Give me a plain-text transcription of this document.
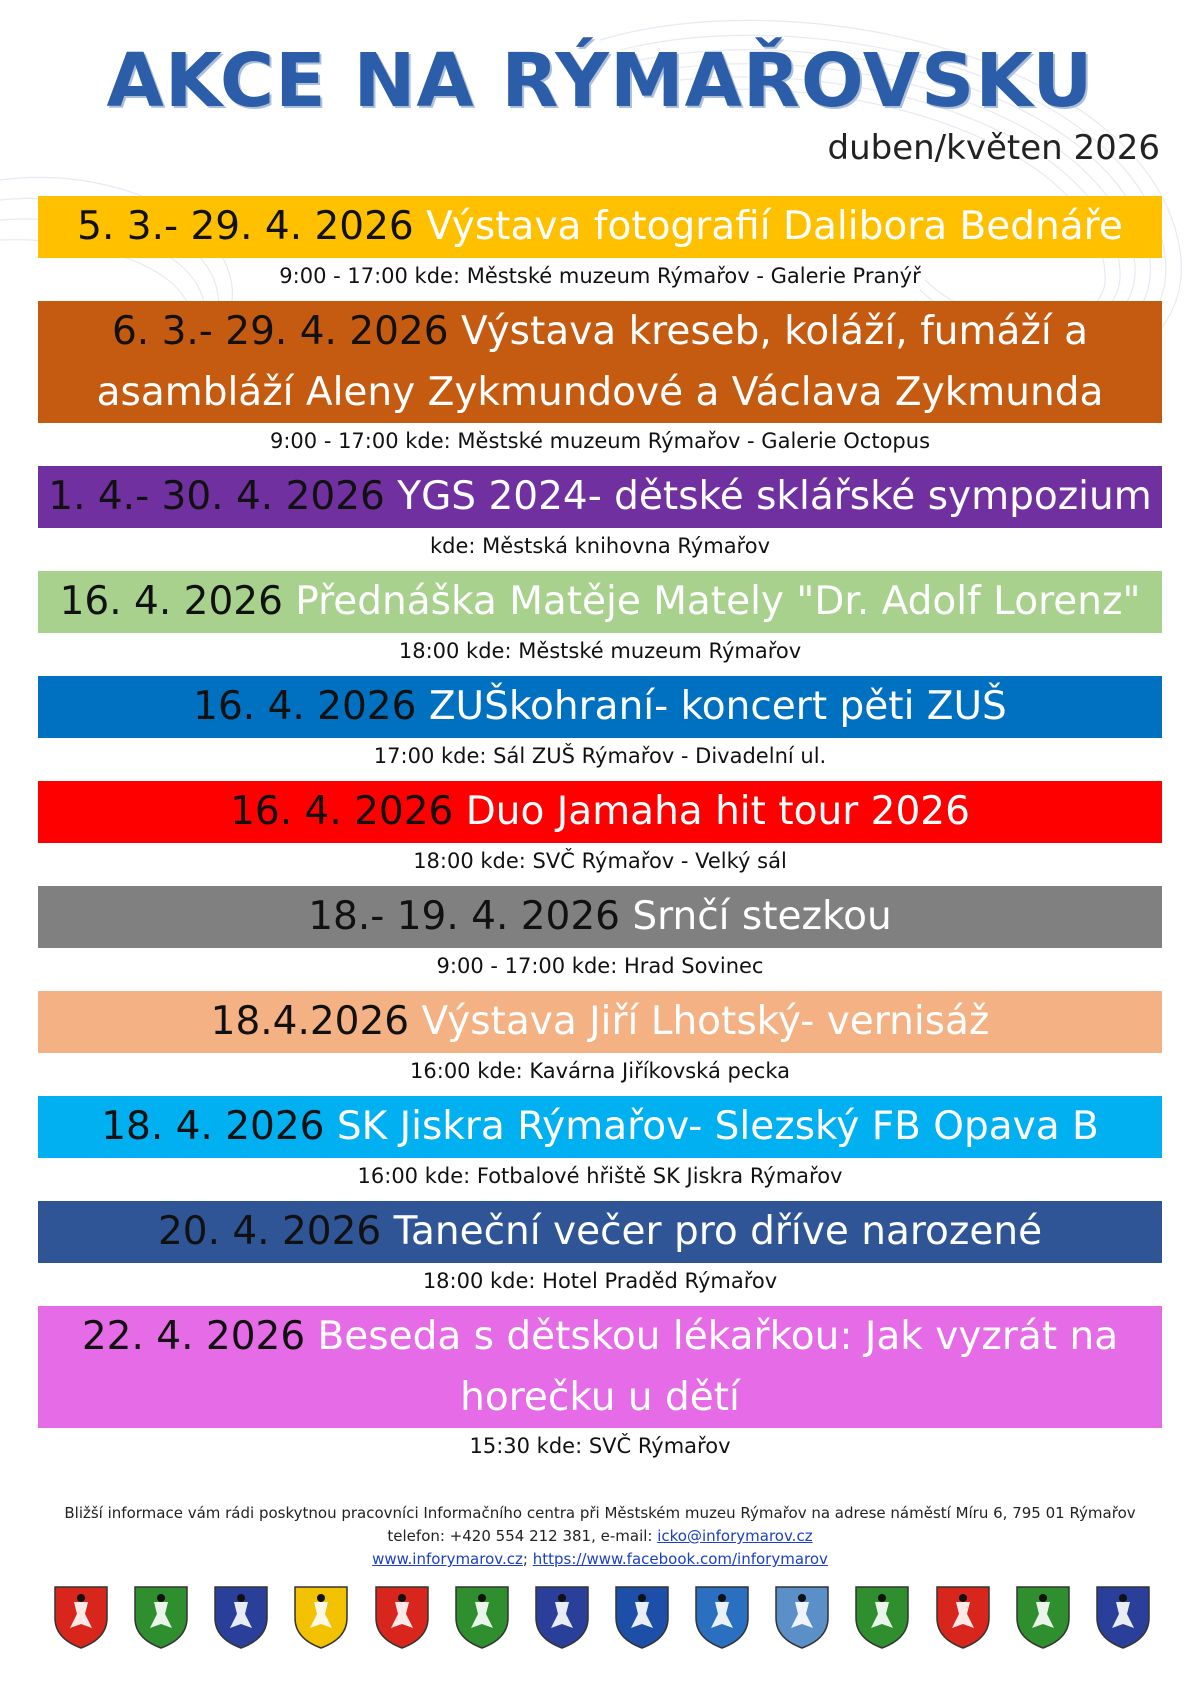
AKCE NA RÝMAŘOVSKU
duben/květen 2026
5. 3.- 29. 4. 2026 Výstava fotografií Dalibora Bednáře
9:00 - 17:00 kde: Městské muzeum Rýmařov - Galerie Pranýř
6. 3.- 29. 4. 2026 Výstava kreseb, koláží, fumáží a asambláží Aleny Zykmundové a Václava Zykmunda
9:00 - 17:00 kde: Městské muzeum Rýmařov - Galerie Octopus
1. 4.- 30. 4. 2026 YGS 2024- dětské sklářské sympozium
kde: Městská knihovna Rýmařov
16. 4. 2026 Přednáška Matěje Mately "Dr. Adolf Lorenz"
18:00 kde: Městské muzeum Rýmařov
16. 4. 2026 ZUŠkohraní- koncert pěti ZUŠ
17:00 kde: Sál ZUŠ Rýmařov - Divadelní ul.
16. 4. 2026 Duo Jamaha hit tour 2026
18:00 kde: SVČ Rýmařov - Velký sál
18.- 19. 4. 2026 Srnčí stezkou
9:00 - 17:00 kde: Hrad Sovinec
18.4.2026 Výstava Jiří Lhotský- vernisáž
16:00 kde: Kavárna Jiříkovská pecka
18. 4. 2026 SK Jiskra Rýmařov- Slezský FB Opava B
16:00 kde: Fotbalové hřiště SK Jiskra Rýmařov
20. 4. 2026 Taneční večer pro dříve narozené
18:00 kde: Hotel Praděd Rýmařov
22. 4. 2026 Beseda s dětskou lékařkou: Jak vyzrát na horečku u dětí
15:30 kde: SVČ Rýmařov
Bližší informace vám rádi poskytnou pracovníci Informačního centra při Městském muzeu Rýmařov na adrese náměstí Míru 6, 795 01 Rýmařov
telefon: +420 554 212 381, e-mail: icko@inforymarov.cz
www.inforymarov.cz; https://www.facebook.com/inforymarov
